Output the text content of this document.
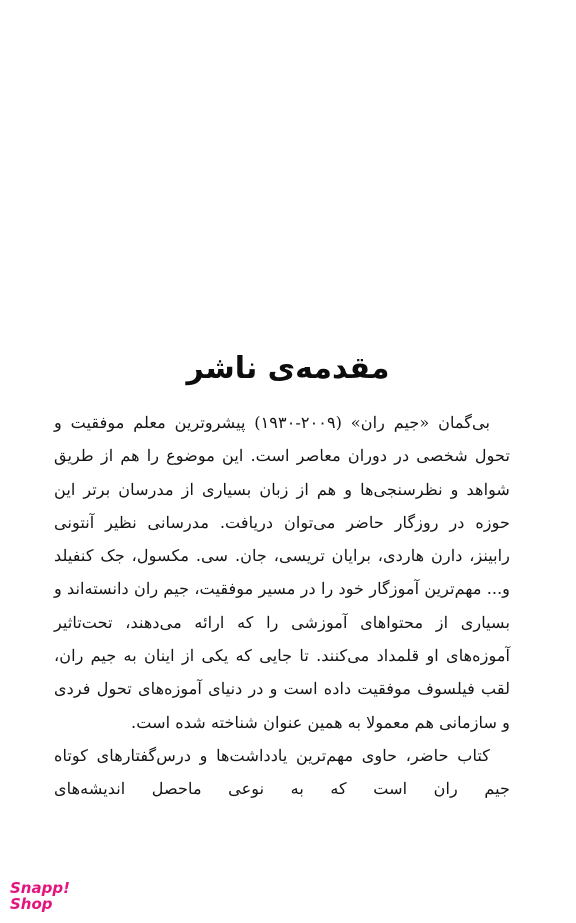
مقدمه‌ی ناشر

بی‌گمان «جیم ران» (۲۰۰۹-۱۹۳۰) پیشروترین معلم موفقیت و تحول شخصی در دوران معاصر است. این موضوع را هم از طریق شواهد و نظرسنجی‌ها و هم از زبان بسیاری از مدرسان برتر این حوزه در روزگار حاضر می‌توان دریافت. مدرسانی نظیر آنتونی رابینز، دارن هاردی، برایان تریسی، جان. سی. مکسول، جک کنفیلد و... مهم‌ترین آموزگار خود را در مسیر موفقیت، جیم ران دانسته‌اند و بسیاری از محتواهای آموزشی را که ارائه می‌دهند، تحت‌تاثیر آموزه‌های او قلمداد می‌کنند. تا جایی که یکی از اینان به جیم ران، لقب فیلسوف موفقیت داده است و در دنیای آموزه‌های تحول فردی و سازمانی هم معمولا به همین عنوان شناخته شده است.

کتاب حاضر، حاوی مهم‌ترین یادداشت‌ها و درس‌گفتارهای کوتاه جیم ران است که به نوعی ماحصل اندیشه‌های

Snapp!
Shop
